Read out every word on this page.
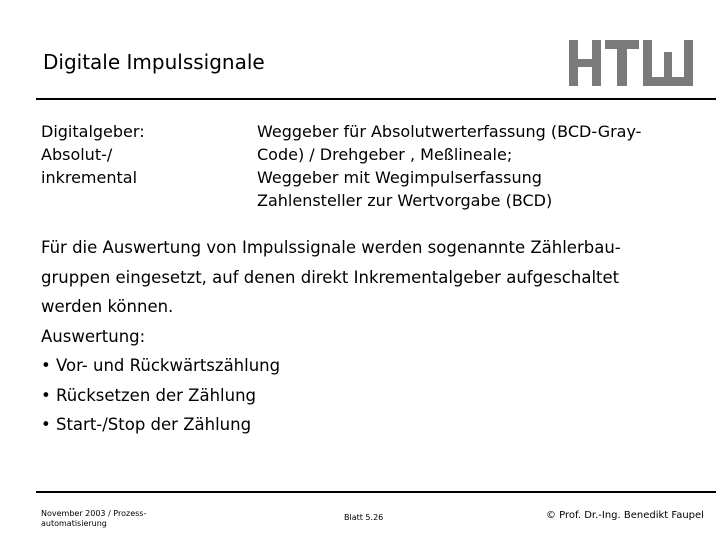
Digitale Impulssignale
Digitalgeber:
Absolut-/
inkremental
Weggeber für Absolutwerterfassung (BCD-Gray-
Code) / Drehgeber , Meßlineale;
Weggeber mit Wegimpulserfassung
Zahlensteller zur Wertvorgabe (BCD)
Für die Auswertung von Impulssignale werden sogenannte Zählerbau-
gruppen eingesetzt, auf denen direkt Inkrementalgeber aufgeschaltet
werden können.
Auswertung:
• Vor- und Rückwärtszählung
• Rücksetzen der Zählung
• Start-/Stop der Zählung
November 2003 / Prozess-
automatisierung
Blatt 5.26	© Prof. Dr.-Ing. Benedikt Faupel
